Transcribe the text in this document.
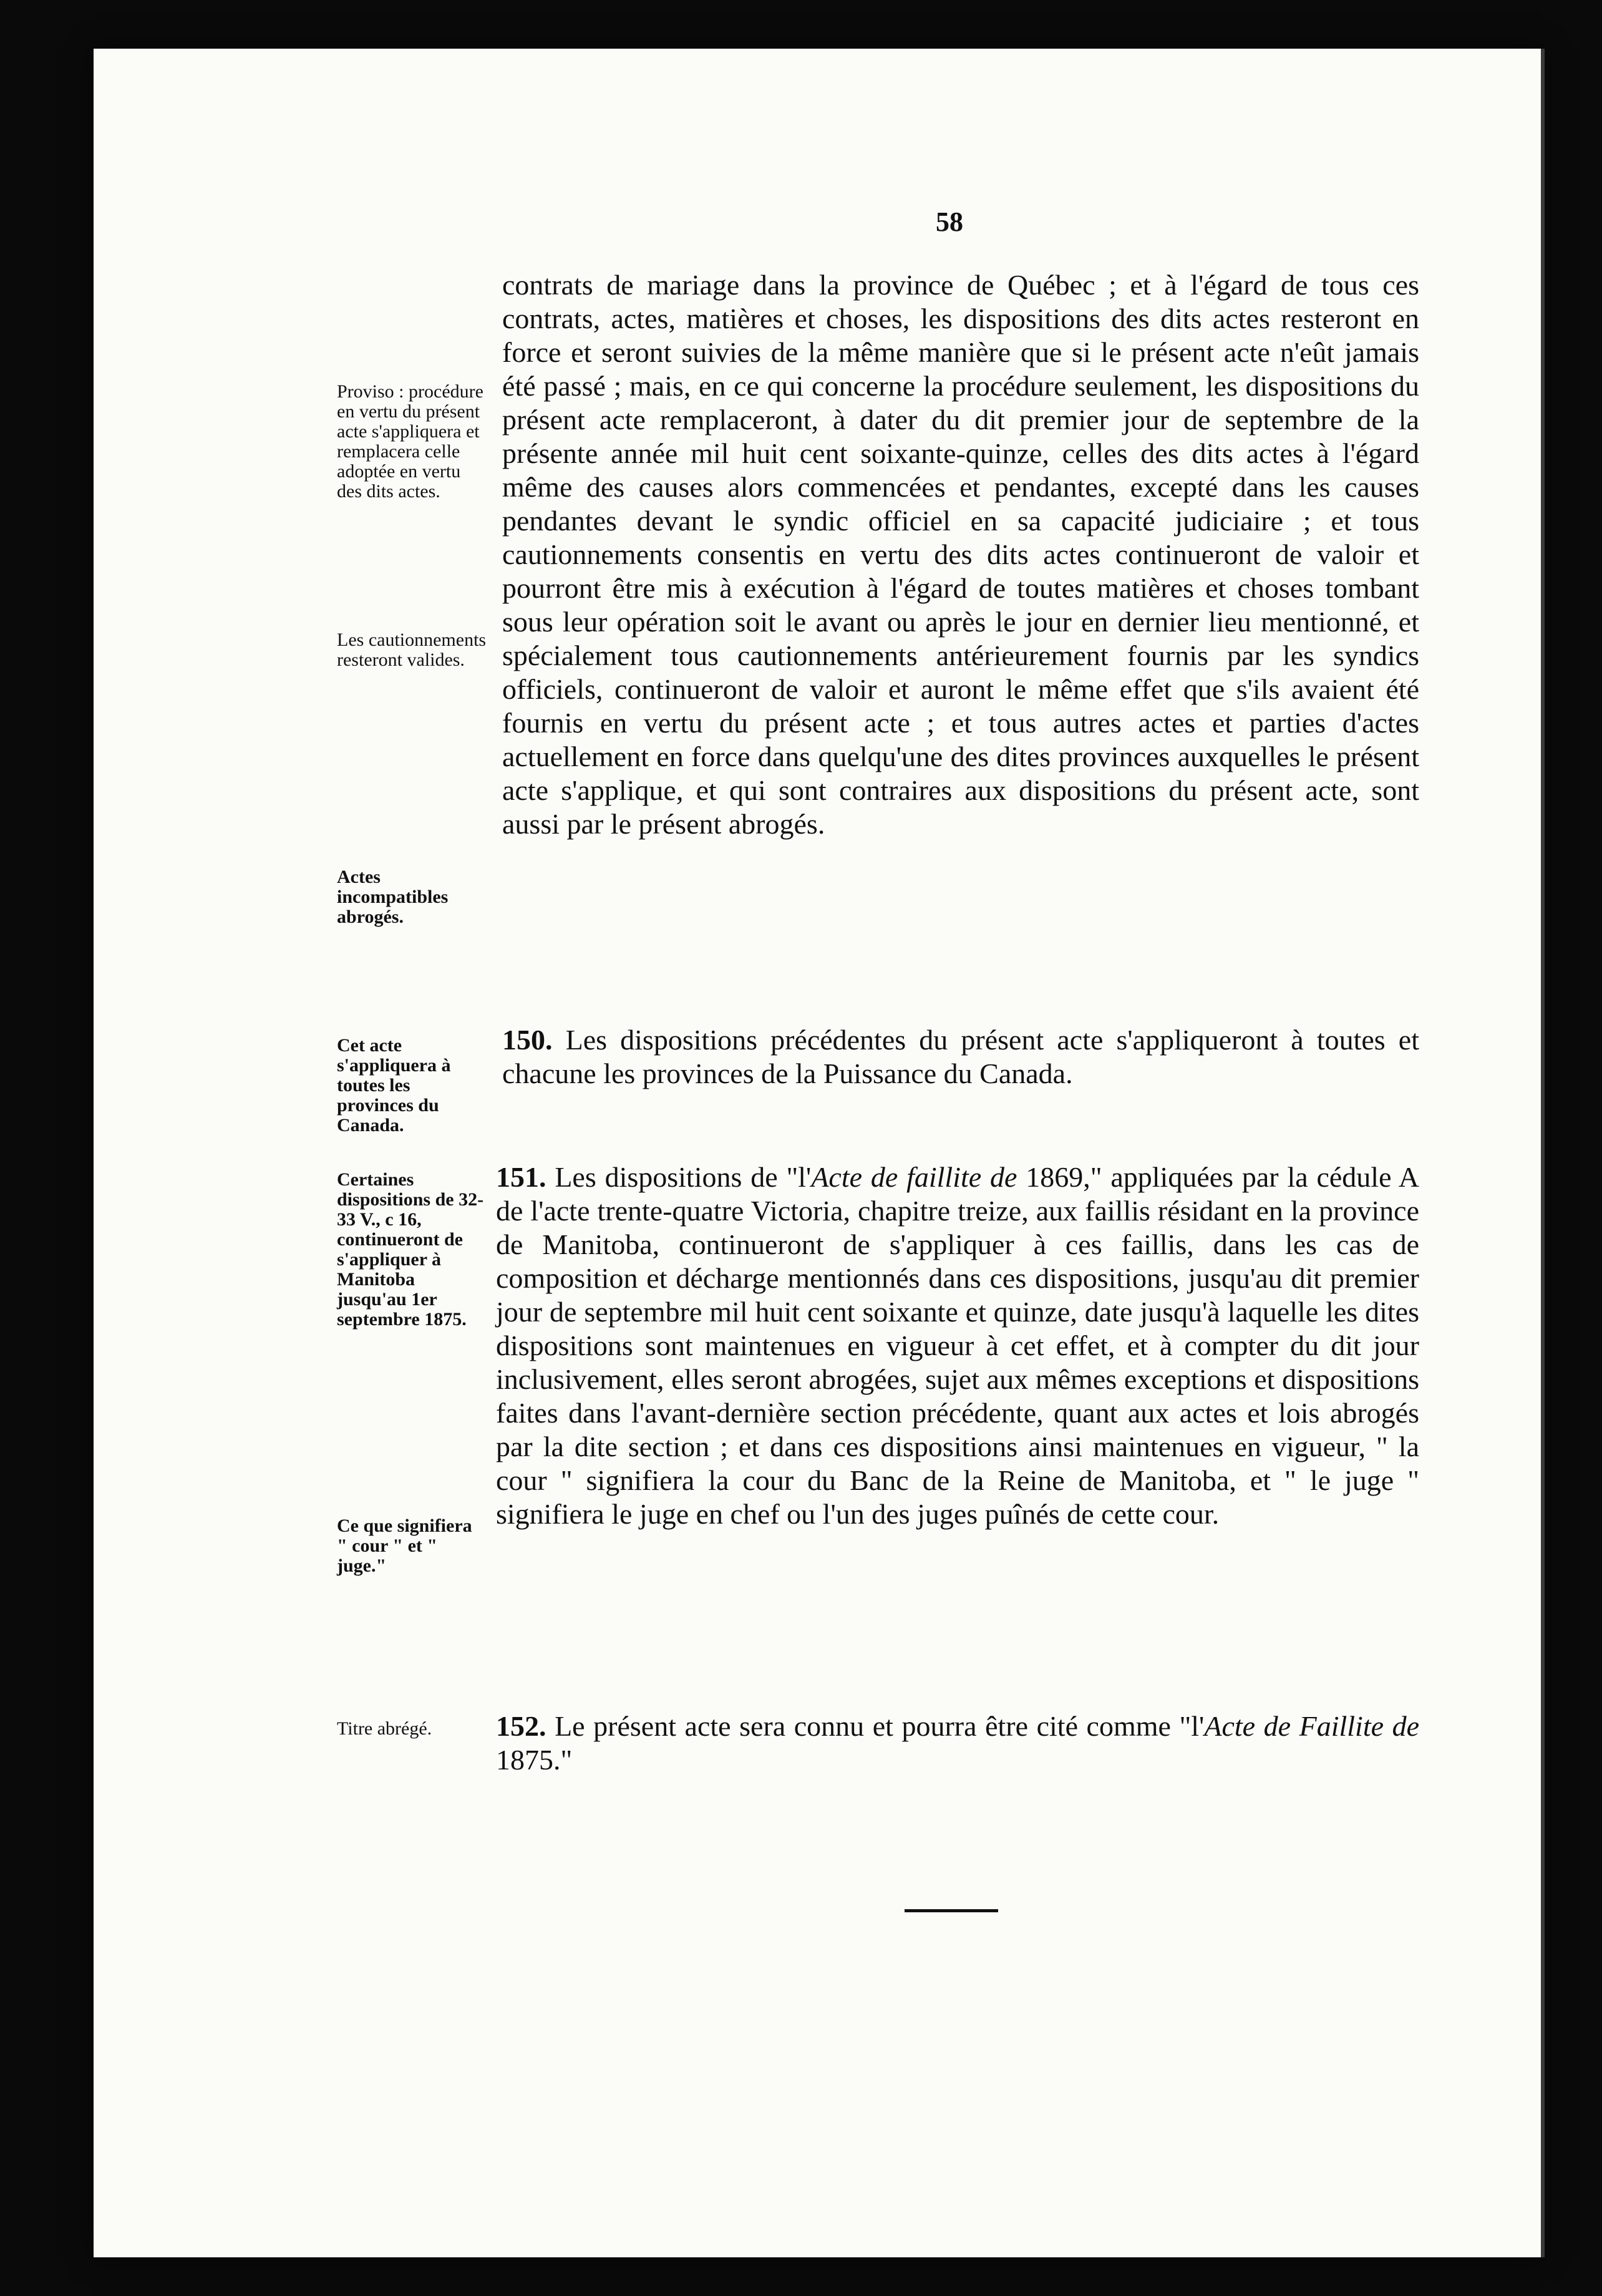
58

contrats de mariage dans la province de Québec ; et à l'égard de tous ces contrats, actes, matières et choses, les dispositions des dits actes resteront en force et seront suivies de la même manière que si le présent acte n'eût jamais été passé ; mais, en ce qui concerne la procédure seulement, les dispositions du présent acte remplaceront, à dater du dit premier jour de septembre de la présente année mil huit cent soixante-quinze, celles des dits actes à l'égard même des causes alors commencées et pendantes, excepté dans les causes pendantes devant le syndic officiel en sa capacité judiciaire ; et tous cautionnements consentis en vertu des dits actes continueront de valoir et pourront être mis à exécution à l'égard de toutes matières et choses tombant sous leur opération soit le avant ou après le jour en dernier lieu mentionné, et spécialement tous cautionnements antérieurement fournis par les syndics officiels, continueront de valoir et auront le même effet que s'ils avaient été fournis en vertu du présent acte ; et tous autres actes et parties d'actes actuellement en force dans quelqu'une des dites provinces auxquelles le présent acte s'applique, et qui sont contraires aux dispositions du présent acte, sont aussi par le présent abrogés.

Proviso : procédure en vertu du présent acte s'appliquera et remplacera celle adoptée en vertu des dits actes.
Les cautionnements resteront valides.
Actes incompatibles abrogés.
Cet acte s'appliquera à toutes les provinces du Canada.
Certaines dispositions de 32-33 V., c 16, continueront de s'appliquer à Manitoba jusqu'au 1er septembre 1875.
Ce que signifiera " cour " et " juge."
Titre abrégé.
150. Les dispositions précédentes du présent acte s'appliqueront à toutes et chacune les provinces de la Puissance du Canada.
151. Les dispositions de "l'Acte de faillite de 1869," appliquées par la cédule A de l'acte trente-quatre Victoria, chapitre treize, aux faillis résidant en la province de Manitoba, continueront de s'appliquer à ces faillis, dans les cas de composition et décharge mentionnés dans ces dispositions, jusqu'au dit premier jour de septembre mil huit cent soixante et quinze, date jusqu'à laquelle les dites dispositions sont maintenues en vigueur à cet effet, et à compter du dit jour inclusivement, elles seront abrogées, sujet aux mêmes exceptions et dispositions faites dans l'avant-dernière section précédente, quant aux actes et lois abrogés par la dite section ; et dans ces dispositions ainsi maintenues en vigueur, " la cour " signifiera la cour du Banc de la Reine de Manitoba, et " le juge " signifiera le juge en chef ou l'un des juges puînés de cette cour.
152. Le présent acte sera connu et pourra être cité comme "l'Acte de Faillite de 1875."
